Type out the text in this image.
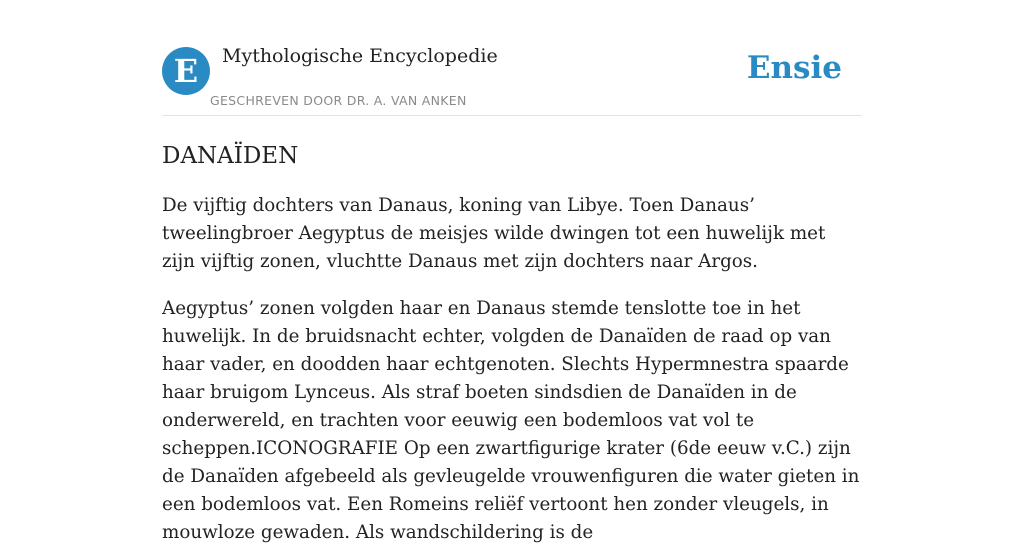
E	Mythologische Encyclopedie
GESCHREVEN DOOR DR. A. VAN ANKEN
Ensie
DANAÏDEN

De vijftig dochters van Danaus, koning van Libye. Toen Danaus’ tweelingbroer Aegyptus de meisjes wilde dwingen tot een huwelijk met zijn vijftig zonen, vluchtte Danaus met zijn dochters naar Argos.

Aegyptus’ zonen volgden haar en Danaus stemde tenslotte toe in het huwelijk. In de bruidsnacht echter, volgden de Danaïden de raad op van haar vader, en doodden haar echtgenoten. Slechts Hypermnestra spaarde haar bruigom Lynceus. Als straf boeten sindsdien de Danaïden in de onderwereld, en trachten voor eeuwig een bodemloos vat vol te scheppen.ICONOGRAFIE Op een zwartfigurige krater (6de eeuw v.C.) zijn de Danaïden afgebeeld als gevleugelde vrouwenfiguren die water gieten in een bodemloos vat. Een Romeins reliëf vertoont hen zonder vleugels, in mouwloze gewaden. Als wandschildering is de
